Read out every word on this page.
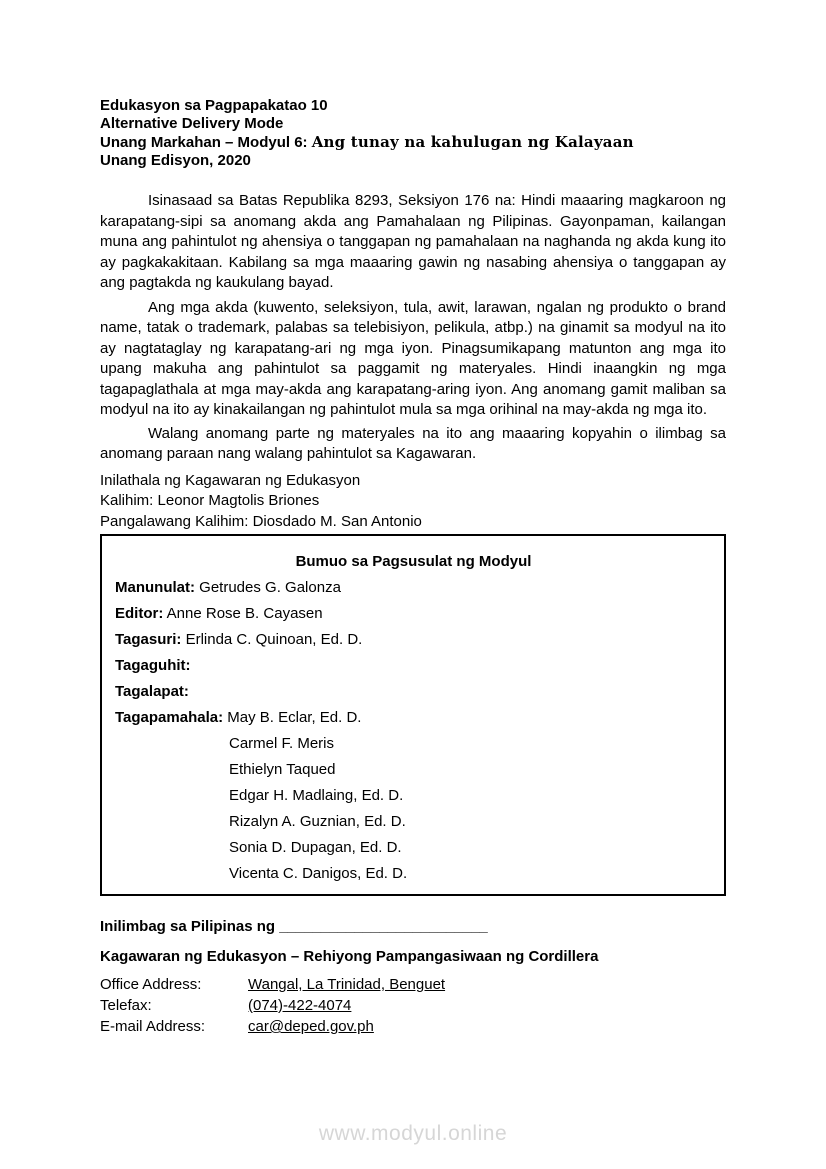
Edukasyon sa Pagpapakatao 10
Alternative Delivery Mode
Unang Markahan – Modyul 6: Ang tunay na kahulugan ng Kalayaan
Unang Edisyon, 2020

Isinasaad sa Batas Republika 8293, Seksiyon 176 na: Hindi maaaring magkaroon ng karapatang-sipi sa anomang akda ang Pamahalaan ng Pilipinas. Gayonpaman, kailangan muna ang pahintulot ng ahensiya o tanggapan ng pamahalaan na naghanda ng akda kung ito ay pagkakakitaan. Kabilang sa mga maaaring gawin ng nasabing ahensiya o tanggapan ay ang pagtakda ng kaukulang bayad.

Ang mga akda (kuwento, seleksiyon, tula, awit, larawan, ngalan ng produkto o brand name, tatak o trademark, palabas sa telebisiyon, pelikula, atbp.) na ginamit sa modyul na ito ay nagtataglay ng karapatang-ari ng mga iyon. Pinagsumikapang matunton ang mga ito upang makuha ang pahintulot sa paggamit ng materyales. Hindi inaangkin ng mga tagapaglathala at mga may-akda ang karapatang-aring iyon. Ang anomang gamit maliban sa modyul na ito ay kinakailangan ng pahintulot mula sa mga orihinal na may-akda ng mga ito.

Walang anomang parte ng materyales na ito ang maaaring kopyahin o ilimbag sa anomang paraan nang walang pahintulot sa Kagawaran.

Inilathala ng Kagawaran ng Edukasyon
Kalihim: Leonor Magtolis Briones
Pangalawang Kalihim: Diosdado M. San Antonio
Bumuo sa Pagsusulat ng Modyul
Manunulat: Getrudes G. Galonza
Editor: Anne Rose B. Cayasen
Tagasuri: Erlinda C. Quinoan, Ed. D.
Tagaguhit:
Tagalapat:
Tagapamahala: May B. Eclar, Ed. D.
Carmel F. Meris
Ethielyn Taqued
Edgar H. Madlaing, Ed. D.
Rizalyn A. Guznian, Ed. D.
Sonia D. Dupagan, Ed. D.
Vicenta C. Danigos, Ed. D.
Inilimbag sa Pilipinas ng _________________________
Kagawaran ng Edukasyon – Rehiyong Pampangasiwaan ng Cordillera
Office Address:	Wangal, La Trinidad, Benguet
Telefax:	(074)-422-4074
E-mail Address:	car@deped.gov.ph
www.modyul.online
